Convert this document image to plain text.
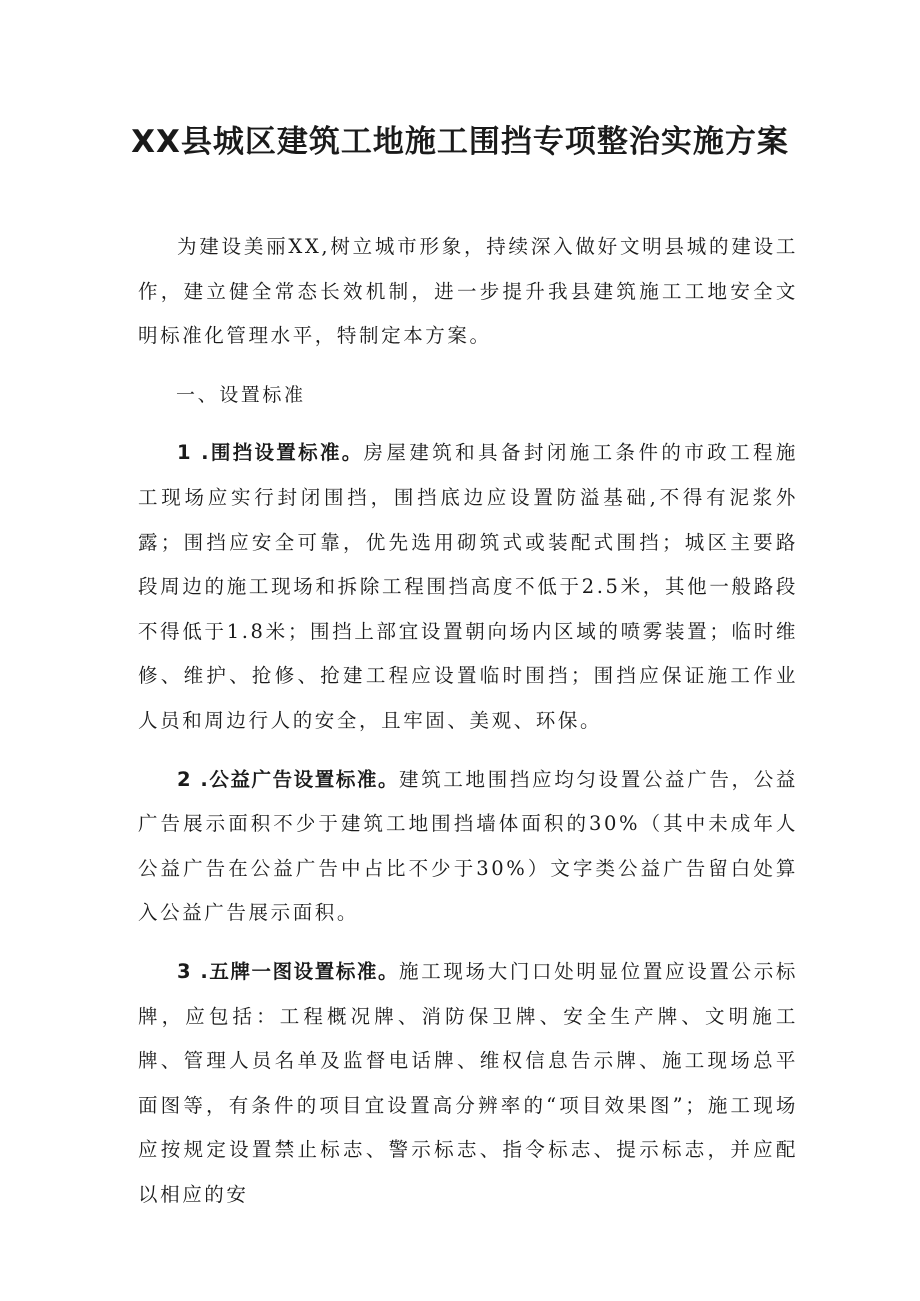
XX县城区建筑工地施工围挡专项整治实施方案

为建设美丽XX,树立城市形象，持续深入做好文明县城的建设工作，建立健全常态长效机制，进一步提升我县建筑施工工地安全文明标准化管理水平，特制定本方案。

一、设置标准

1 .围挡设置标准。房屋建筑和具备封闭施工条件的市政工程施工现场应实行封闭围挡，围挡底边应设置防溢基础,不得有泥浆外露；围挡应安全可靠，优先选用砌筑式或装配式围挡；城区主要路段周边的施工现场和拆除工程围挡高度不低于2.5米，其他一般路段不得低于1.8米；围挡上部宜设置朝向场内区域的喷雾装置；临时维修、维护、抢修、抢建工程应设置临时围挡；围挡应保证施工作业人员和周边行人的安全，且牢固、美观、环保。

2 .公益广告设置标准。建筑工地围挡应均匀设置公益广告，公益广告展示面积不少于建筑工地围挡墙体面积的30%（其中未成年人公益广告在公益广告中占比不少于30%）文字类公益广告留白处算入公益广告展示面积。

3 .五牌一图设置标准。施工现场大门口处明显位置应设置公示标牌，应包括：工程概况牌、消防保卫牌、安全生产牌、文明施工牌、管理人员名单及监督电话牌、维权信息告示牌、施工现场总平面图等，有条件的项目宜设置高分辨率的“项目效果图”；施工现场应按规定设置禁止标志、警示标志、指令标志、提示标志，并应配以相应的安
